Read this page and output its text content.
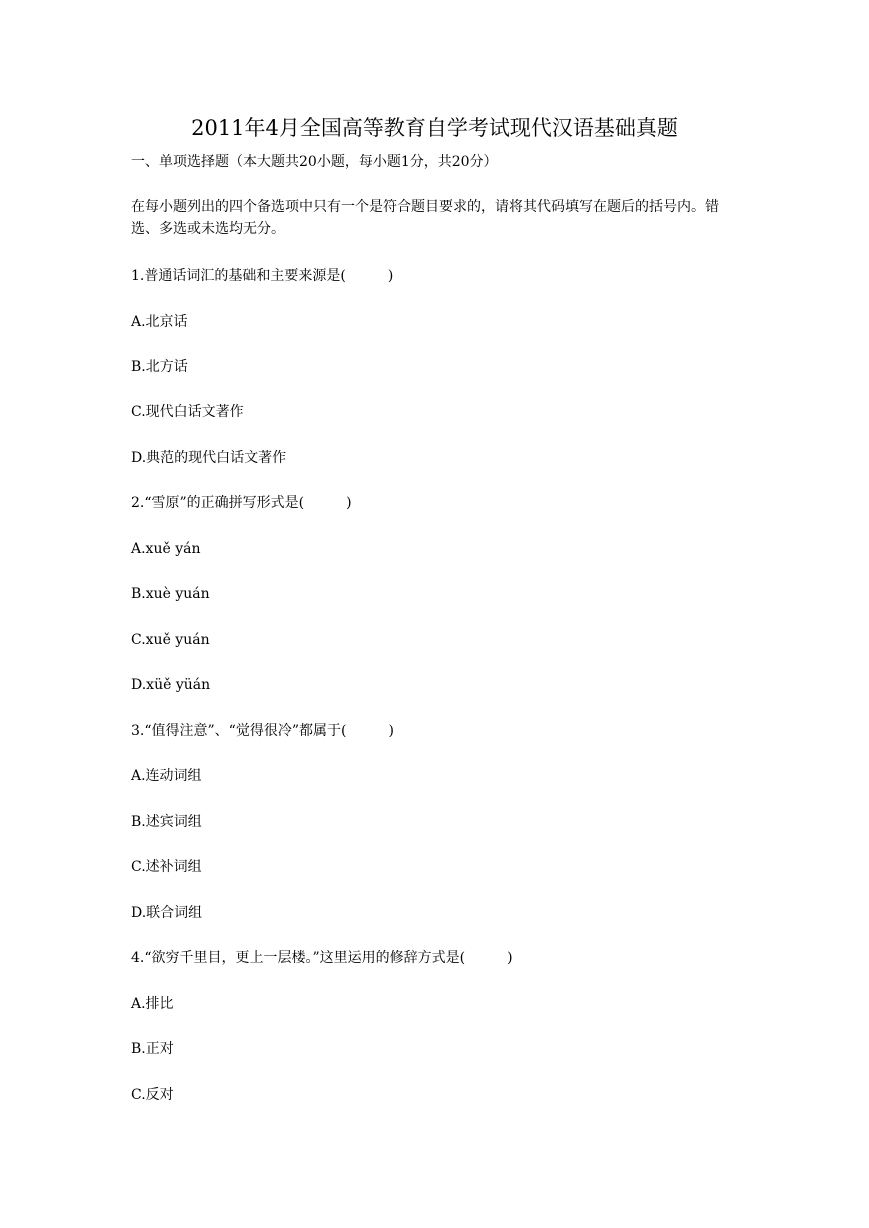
2011年4月全国高等教育自学考试现代汉语基础真题
一、单项选择题（本大题共20小题，每小题1分，共20分）
在每小题列出的四个备选项中只有一个是符合题目要求的，请将其代码填写在题后的括号内。错选、多选或未选均无分。
1.普通话词汇的基础和主要来源是(　　　)
A.北京话
B.北方话
C.现代白话文著作
D.典范的现代白话文著作
2.“雪原”的正确拼写形式是(　　　)
A.xuě yán
B.xuè yuán
C.xuě yuán
D.xüě yüán
3.“值得注意”、“觉得很冷”都属于(　　　)
A.连动词组
B.述宾词组
C.述补词组
D.联合词组
4.“欲穷千里目，更上一层楼。”这里运用的修辞方式是(　　　)
A.排比
B.正对
C.反对
